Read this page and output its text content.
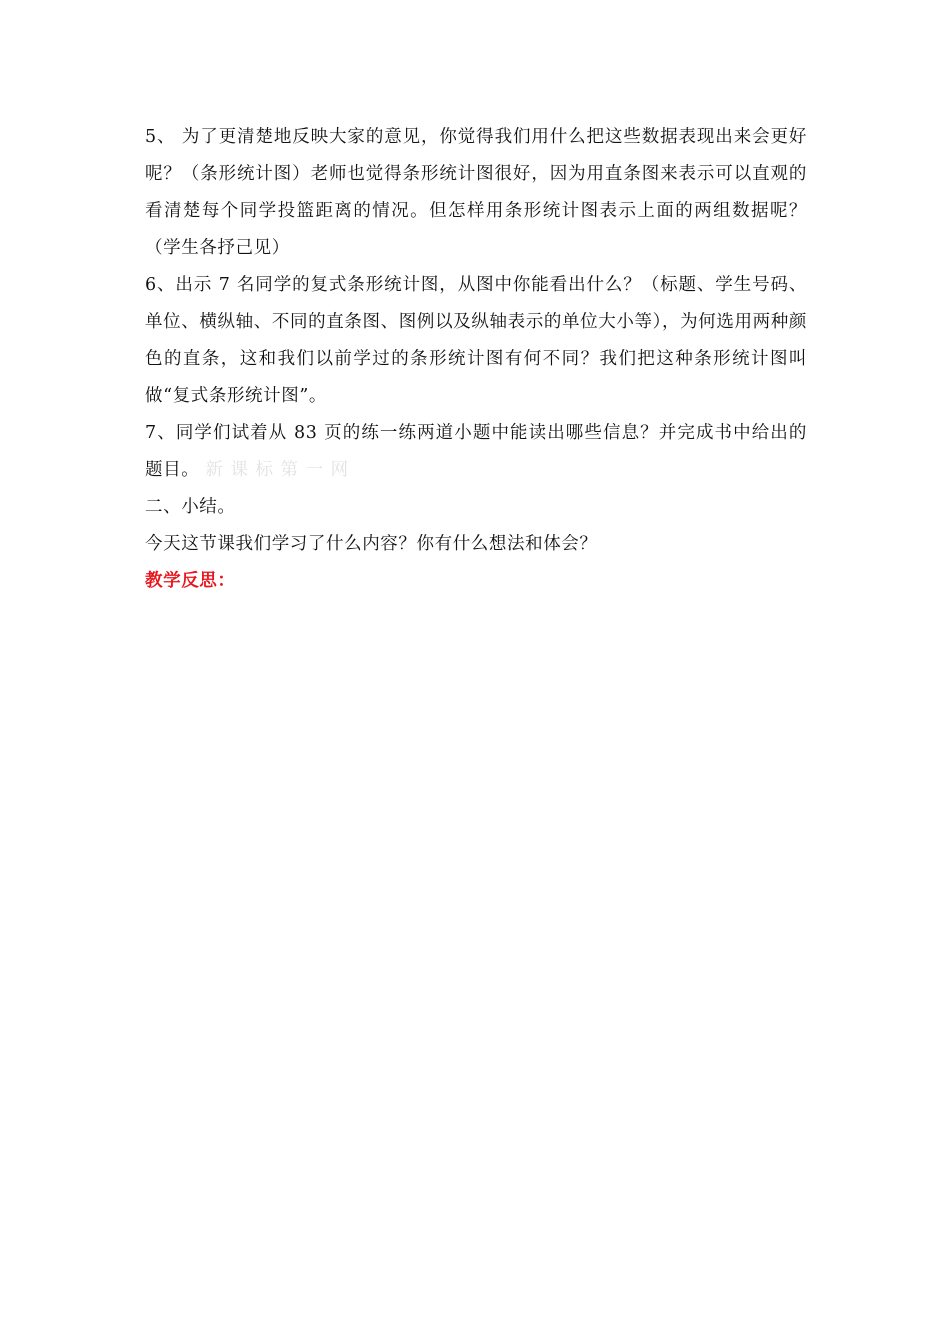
5、 为了更清楚地反映大家的意见，你觉得我们用什么把这些数据表现出来会更好呢？（条形统计图）老师也觉得条形统计图很好，因为用直条图来表示可以直观的看清楚每个同学投篮距离的情况。但怎样用条形统计图表示上面的两组数据呢？（学生各抒己见）

6、出示 7 名同学的复式条形统计图，从图中你能看出什么？（标题、学生号码、单位、横纵轴、不同的直条图、图例以及纵轴表示的单位大小等），为何选用两种颜色的直条，这和我们以前学过的条形统计图有何不同？我们把这种条形统计图叫做“复式条形统计图”。

7、同学们试着从 83 页的练一练两道小题中能读出哪些信息？并完成书中给出的题目。 新 课 标 第 一 网

二、小结。

今天这节课我们学习了什么内容？你有什么想法和体会？

教学反思：
